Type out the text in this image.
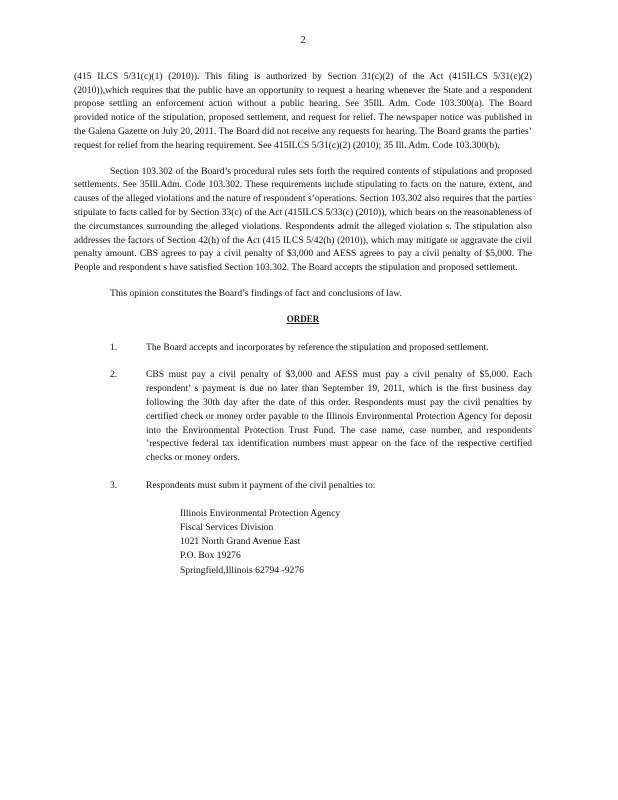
2

(415 ILCS 5/31(c)(1) (2010)). This filing is authorized by Section 31(c)(2) of the Act (415ILCS 5/31(c)(2) (2010)),which requires that the public have an opportunity to request a hearing whenever the State and a respondent propose settling an enforcement action without a public hearing. See 35Ill. Adm. Code 103.300(a). The Board provided notice of the stipulation, proposed settlement, and request for relief. The newspaper notice was published in the Galena Gazette on July 20, 2011. The Board did not receive any requests for hearing. The Board grants the parties’ request for relief from the hearing requirement. See 415ILCS 5/31(c)(2) (2010); 35 Ill. Adm. Code 103.300(b).

Section 103.302 of the Board’s procedural rules sets forth the required contents of stipulations and proposed settlements. See 35Ill.Adm. Code 103.302. These requirements include stipulating to facts on the nature, extent, and causes of the alleged violations and the nature of respondent s’operations. Section 103.302 also requires that the parties stipulate to facts called for by Section 33(c) of the Act (415ILCS 5/33(c) (2010)), which bears on the reasonableness of the circumstances surrounding the alleged violations. Respondents admit the alleged violation s. The stipulation also addresses the factors of Section 42(h) of the Act (415 ILCS 5/42(h) (2010)), which may mitigate or aggravate the civil penalty amount. CBS agrees to pay a civil penalty of $3,000 and AESS agrees to pay a civil penalty of $5,000. The People and respondent s have satisfied Section 103.302. The Board accepts the stipulation and proposed settlement.

This opinion constitutes the Board’s findings of fact and conclusions of law.

ORDER
1.	The Board accepts and incorporates by reference the stipulation and proposed settlement.
2.	CBS must pay a civil penalty of $3,000 and AESS must pay a civil penalty of $5,000. Each respondent’ s payment is due no later than September 19, 2011, which is the first business day following the 30th day after the date of this order. Respondents must pay the civil penalties by certified check or money order payable to the Illinois Environmental Protection Agency for deposit into the Environmental Protection Trust Fund. The case name, case number, and respondents ’respective federal tax identification numbers must appear on the face of the respective certified checks or money orders.
3.	Respondents must subm it payment of the civil penalties to:
Illinois Environmental Protection Agency
Fiscal Services Division
1021 North Grand Avenue East
P.O. Box 19276
Springfield,Illinois 62794 -9276
